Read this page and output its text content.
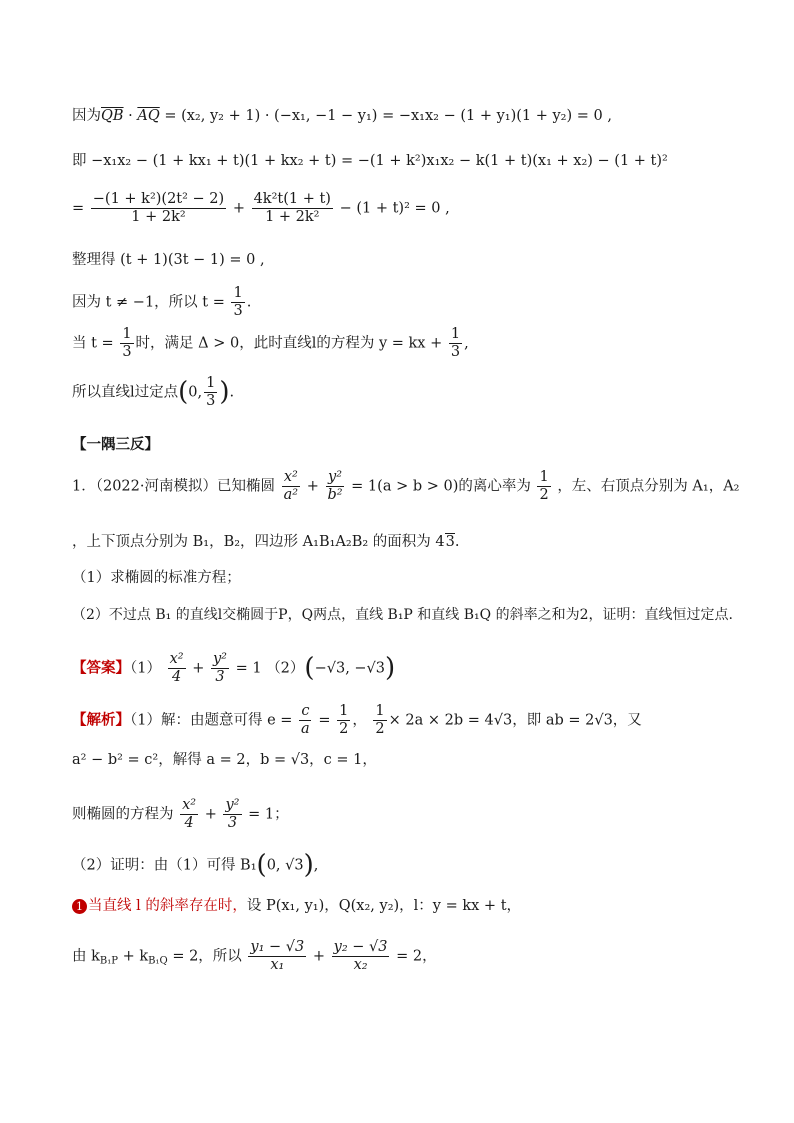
因为$\overline{QB} \cdot \overline{AQ} = (x_2$, y₂ + 1) · (−x₁, −1 − y₁) = −x₁x₂ − (1 + y₁)(1 + y₂) = 0 ,
即 −x₁x₂ − (1 + kx₁ + t)(1 + kx₂ + t) = −(1 + k²)x₁x₂ − k(1 + t)(x₁ + x₂) − (1 + t)²
= $\frac{\text{−(1 + k²)(2t² − 2)}}{\text{1 + 2k²}} + \frac{\text{4k²t(1 + t)}}{\text{1 + 2k²}} - (1 + t)^2 = 0$ ,
整理得 (t + 1)(3t − 1) = 0 ,
因为 t ≠ −1，所以 $t = \frac{1}{3}$ .
当 $t = \frac{1}{3}$ 时，满足 Δ > 0，此时直线l的方程为 y = kx + $\frac{1}{3}$ ,
所以直线l过定点(0, $\frac{1}{3}$ ).
【一隅三反】
1．（2022·河南模拟）已知椭圆 $\frac{\text{x²}}{\text{a²}} + \frac{\text{y²}}{\text{b²}} = 1(a > b > 0)$的离心率为 $\frac{1}{2}$ ，左、右顶点分别为 A₁，A₂
，上下顶点分别为 B₁，B₂，四边形 A₁B₁A₂B₂ 的面积为 43.
（1）求椭圆的标准方程；
（2）不过点 B₁ 的直线l交椭圆于P，Q两点，直线 B₁P 和直线 B₁Q 的斜率之和为2，证明：直线恒过定点.
【答案】$(1) \frac{\text{x²}}{4} + \frac{\text{y²}}{3} = 1$ （2）(−√3, −√3)
【解析】（1）解：由题意可得 $e = \frac{c}{a} = \frac{1}{2}$ ， $\frac{1}{2} \times 2a \times 2b = 4√3$，即 ab = 2√3，又
a² − b² = c²，解得 a = 2，b = √3，c = 1，
则椭圆的方程为 $\frac{\text{x²}}{4} + \frac{\text{y²}}{3} = 1$；
（2）证明：由（1）可得 B₁(0, √3),
1 当直线 l 的斜率存在时，设 P(x₁, y₁)，Q(x₂, y₂)，l：y = kx + t，
由 $k_{B_1P} + k_{B_1Q} = 2$，所以 $\frac{\text{y₁ − √3}}{\text{x₁}} + \frac{\text{y₂ − √3}}{\text{x₂}} = 2$，
